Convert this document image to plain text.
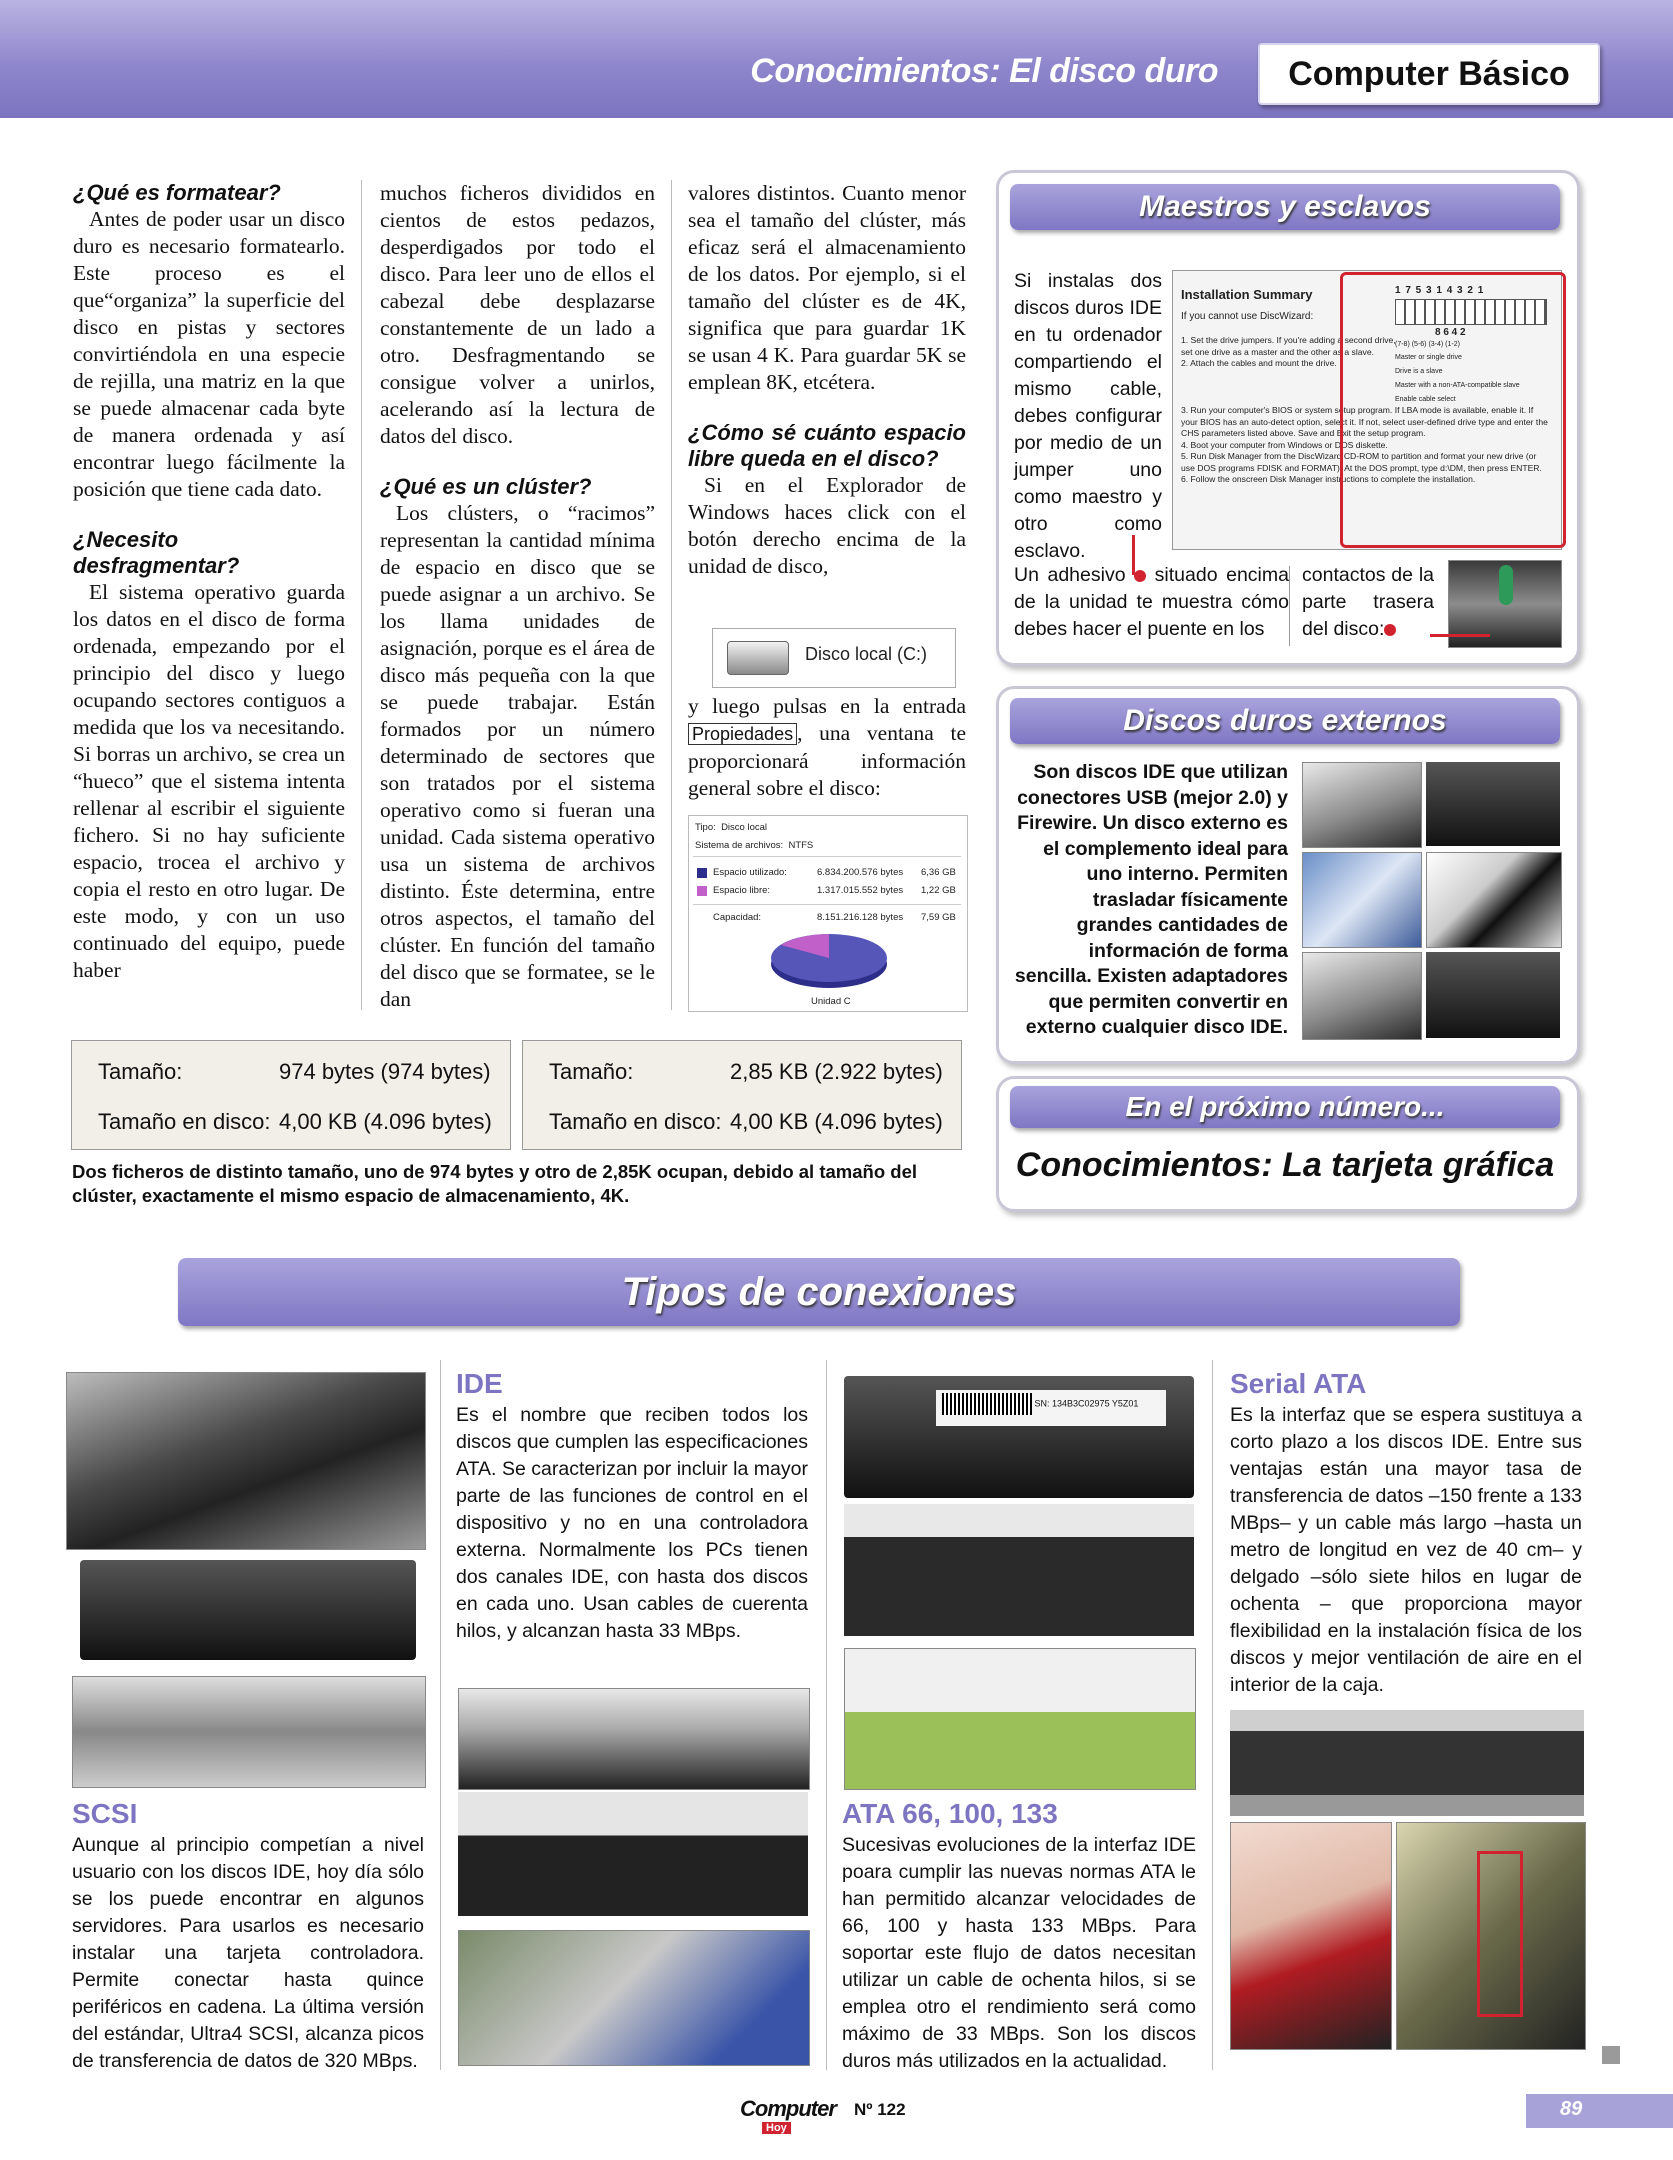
Conocimientos: El disco duro	Computer Básico
¿Qué es formatear?

Antes de poder usar un disco duro es necesario formatearlo. Este proceso es el que“organiza” la superficie del disco en pistas y sectores convirtiéndola en una especie de rejilla, una matriz en la que se puede almacenar cada byte de manera ordenada y así encontrar luego fácilmente la posición que tiene cada dato.

¿Necesito desfragmentar?

El sistema operativo guarda los datos en el disco de forma ordenada, empezando por el principio del disco y luego ocupando sectores contiguos a medida que los va necesitando. Si borras un archivo, se crea un “hueco” que el sistema intenta rellenar al escribir el siguiente fichero. Si no hay suficiente espacio, trocea el archivo y copia el resto en otro lugar. De este modo, y con un uso continuado del equipo, puede haber

muchos ficheros divididos en cientos de estos pedazos, desperdigados por todo el disco. Para leer uno de ellos el cabezal debe desplazarse constantemente de un lado a otro. Desfragmentando se consigue volver a unirlos, acelerando así la lectura de datos del disco.

¿Qué es un clúster?

Los clústers, o “racimos” representan la cantidad mínima de espacio en disco que se puede asignar a un archivo. Se los llama unidades de asignación, porque es el área de disco más pequeña con la que se puede trabajar. Están formados por un número determinado de sectores que son tratados por el sistema operativo como si fueran una unidad. Cada sistema operativo usa un sistema de archivos distinto. Éste determina, entre otros aspectos, el tamaño del clúster. En función del tamaño del disco que se formatee, se le dan

valores distintos. Cuanto menor sea el tamaño del clúster, más eficaz será el almacenamiento de los datos. Por ejemplo, si el tamaño del clúster es de 4K, significa que para guardar 1K se usan 4 K. Para guardar 5K se emplean 8K, etcétera.

¿Cómo sé cuánto espacio libre queda en el disco?

Si en el Explorador de Windows haces click con el botón derecho encima de la unidad de disco,

Disco local (C:)

y luego pulsas en la entrada Propiedades , una ventana te proporcionará información general sobre el disco:

Tipo: Disco local
Sistema de archivos: NTFS
Espacio utilizado:	6.834.200.576 bytes 6,36 GB
Espacio libre:	1.317.015.552 bytes 1,22 GB
Capacidad:	8.151.216.128 bytes 7,59 GB
Unidad C
Tamaño:	974 bytes (974 bytes)
Tamaño en disco: 4,00 KB (4.096 bytes)
Tamaño:	2,85 KB (2.922 bytes)
Tamaño en disco: 4,00 KB (4.096 bytes)
Dos ficheros de distinto tamaño, uno de 974 bytes y otro de 2,85K ocupan, debido al tamaño del clúster, exactamente el mismo espacio de almacenamiento, 4K.
Maestros y esclavos
Si instalas dos discos duros IDE en tu ordenador compartiendo el mismo cable, debes configurar por medio de un jumper uno como maestro y otro como esclavo.
Installation Summary	1 7 5 3 1 4 3 2 1
If you cannot use DiscWizard:
8 6 4 2
(7-8) (5-6) (3-4) (1-2)
1. Set the drive jumpers. If you're adding a second drive, set one drive as a master and the other as a slave.
2. Attach the cables and mount the drive.
3. Run your computer's BIOS or system setup program. If LBA mode is available, enable it. If your BIOS has an auto-detect option, select it. If not, select user-defined drive type and enter the CHS parameters listed above. Save and Exit the setup program.
4. Boot your computer from Windows or DOS diskette.
5. Run Disk Manager from the DiscWizard CD-ROM to partition and format your new drive (or use DOS programs FDISK and FORMAT). At the DOS prompt, type d:\DM, then press ENTER.
6. Follow the onscreen Disk Manager instructions to complete the installation.
Master or single drive
Drive is a slave
Master with a non-ATA-compatible slave
Enable cable select
Un adhesivo situado encima de la unidad te muestra cómo debes hacer el puente en los
contactos de la parte trasera del disco:
Discos duros externos
Son discos IDE que utilizan conectores USB (mejor 2.0) y Firewire. Un disco externo es el complemento ideal para uno interno. Permiten trasladar físicamente grandes cantidades de información de forma sencilla. Existen adaptadores que permiten convertir en externo cualquier disco IDE.
En el próximo número...
Conocimientos: La tarjeta gráfica
Tipos de conexiones
SCSI
Aunque al principio competían a nivel usuario con los discos IDE, hoy día sólo se los puede encontrar en algunos servidores. Para usarlos es necesario instalar una tarjeta controladora. Permite conectar hasta quince periféricos en cadena. La última versión del estándar, Ultra4 SCSI, alcanza picos de transferencia de datos de 320 MBps.
IDE
Es el nombre que reciben todos los discos que cumplen las especificaciones ATA. Se caracterizan por incluir la mayor parte de las funciones de control en el dispositivo y no en una controladora externa. Normalmente los PCs tienen dos canales IDE, con hasta dos discos en cada uno. Usan cables de cuerenta hilos, y alcanzan hasta 33 MBps.
SN: 134B3C02975 Y5Z01
ATA 66, 100, 133
Sucesivas evoluciones de la interfaz IDE poara cumplir las nuevas normas ATA le han permitido alcanzar velocidades de 66, 100 y hasta 133 MBps. Para soportar este flujo de datos necesitan utilizar un cable de ochenta hilos, si se emplea otro el rendimiento será como máximo de 33 MBps. Son los discos duros más utilizados en la actualidad.
Serial ATA
Es la interfaz que se espera sustituya a corto plazo a los discos IDE. Entre sus ventajas están una mayor tasa de transferencia de datos –150 frente a 133 MBps– y un cable más largo –hasta un metro de longitud en vez de 40 cm– y delgado –sólo siete hilos en lugar de ochenta – que proporciona mayor flexibilidad en la instalación física de los discos y mejor ventilación de aire en el interior de la caja.
Computer
Hoy
Nº 122	89
